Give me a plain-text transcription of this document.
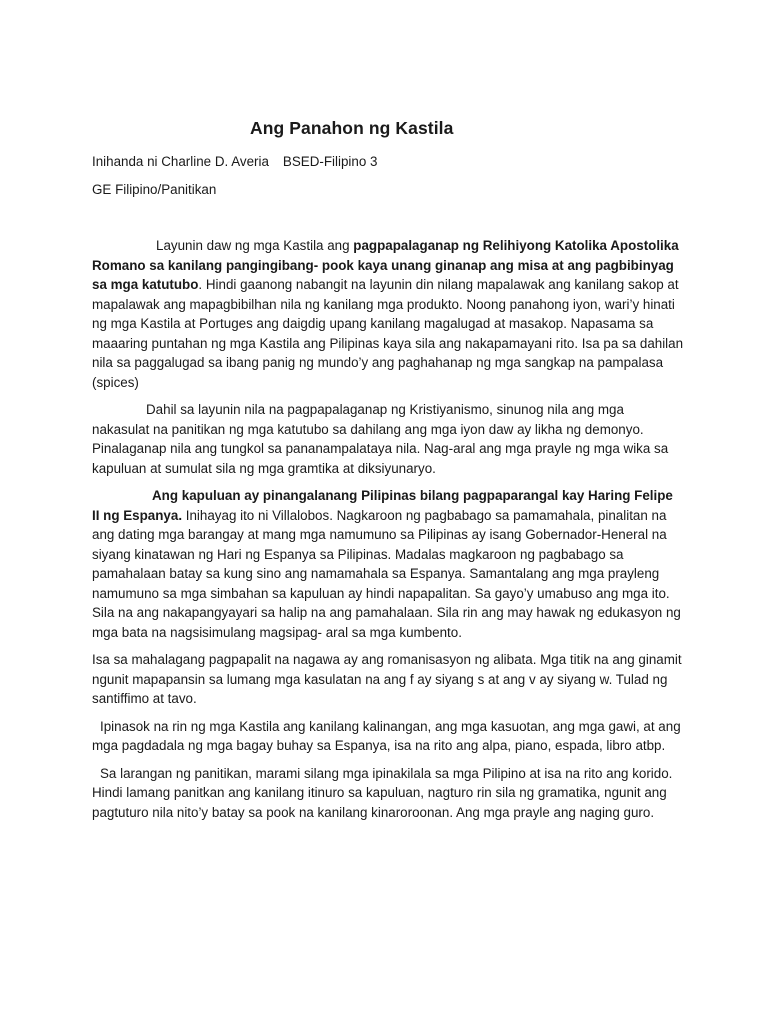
Ang Panahon ng Kastila
Inihanda ni Charline D. Averia BSED-Filipino 3
GE Filipino/Panitikan

Layunin daw ng mga Kastila ang pagpapalaganap ng Relihiyong Katolika Apostolika Romano sa kanilang pangingibang- pook kaya unang ginanap ang misa at ang pagbibinyag sa mga katutubo. Hindi gaanong nabangit na layunin din nilang mapalawak ang kanilang sakop at mapalawak ang mapagbibilhan nila ng kanilang mga produkto. Noong panahong iyon, wari’y hinati ng mga Kastila at Portuges ang daigdig upang kanilang magalugad at masakop. Napasama sa maaaring puntahan ng mga Kastila ang Pilipinas kaya sila ang nakapamayani rito. Isa pa sa dahilan nila sa paggalugad sa ibang panig ng mundo’y ang paghahanap ng mga sangkap na pampalasa (spices)

Dahil sa layunin nila na pagpapalaganap ng Kristiyanismo, sinunog nila ang mga nakasulat na panitikan ng mga katutubo sa dahilang ang mga iyon daw ay likha ng demonyo. Pinalaganap nila ang tungkol sa pananampalataya nila. Nag-aral ang mga prayle ng mga wika sa kapuluan at sumulat sila ng mga gramtika at diksiyunaryo.

Ang kapuluan ay pinangalanang Pilipinas bilang pagpaparangal kay Haring Felipe II ng Espanya. Inihayag ito ni Villalobos. Nagkaroon ng pagbabago sa pamamahala, pinalitan na ang dating mga barangay at mang mga namumuno sa Pilipinas ay isang Gobernador-Heneral na siyang kinatawan ng Hari ng Espanya sa Pilipinas. Madalas magkaroon ng pagbabago sa pamahalaan batay sa kung sino ang namamahala sa Espanya. Samantalang ang mga prayleng namumuno sa mga simbahan sa kapuluan ay hindi napapalitan. Sa gayo’y umabuso ang mga ito. Sila na ang nakapangyayari sa halip na ang pamahalaan. Sila rin ang may hawak ng edukasyon ng mga bata na nagsisimulang magsipag- aral sa mga kumbento.

Isa sa mahalagang pagpapalit na nagawa ay ang romanisasyon ng alibata. Mga titik na ang ginamit ngunit mapapansin sa lumang mga kasulatan na ang f ay siyang s at ang v ay siyang w. Tulad ng santiffimo at tavo.

Ipinasok na rin ng mga Kastila ang kanilang kalinangan, ang mga kasuotan, ang mga gawi, at ang mga pagdadala ng mga bagay buhay sa Espanya, isa na rito ang alpa, piano, espada, libro atbp.

Sa larangan ng panitikan, marami silang mga ipinakilala sa mga Pilipino at isa na rito ang korido. Hindi lamang panitkan ang kanilang itinuro sa kapuluan, nagturo rin sila ng gramatika, ngunit ang pagtuturo nila nito’y batay sa pook na kanilang kinaroroonan. Ang mga prayle ang naging guro.
